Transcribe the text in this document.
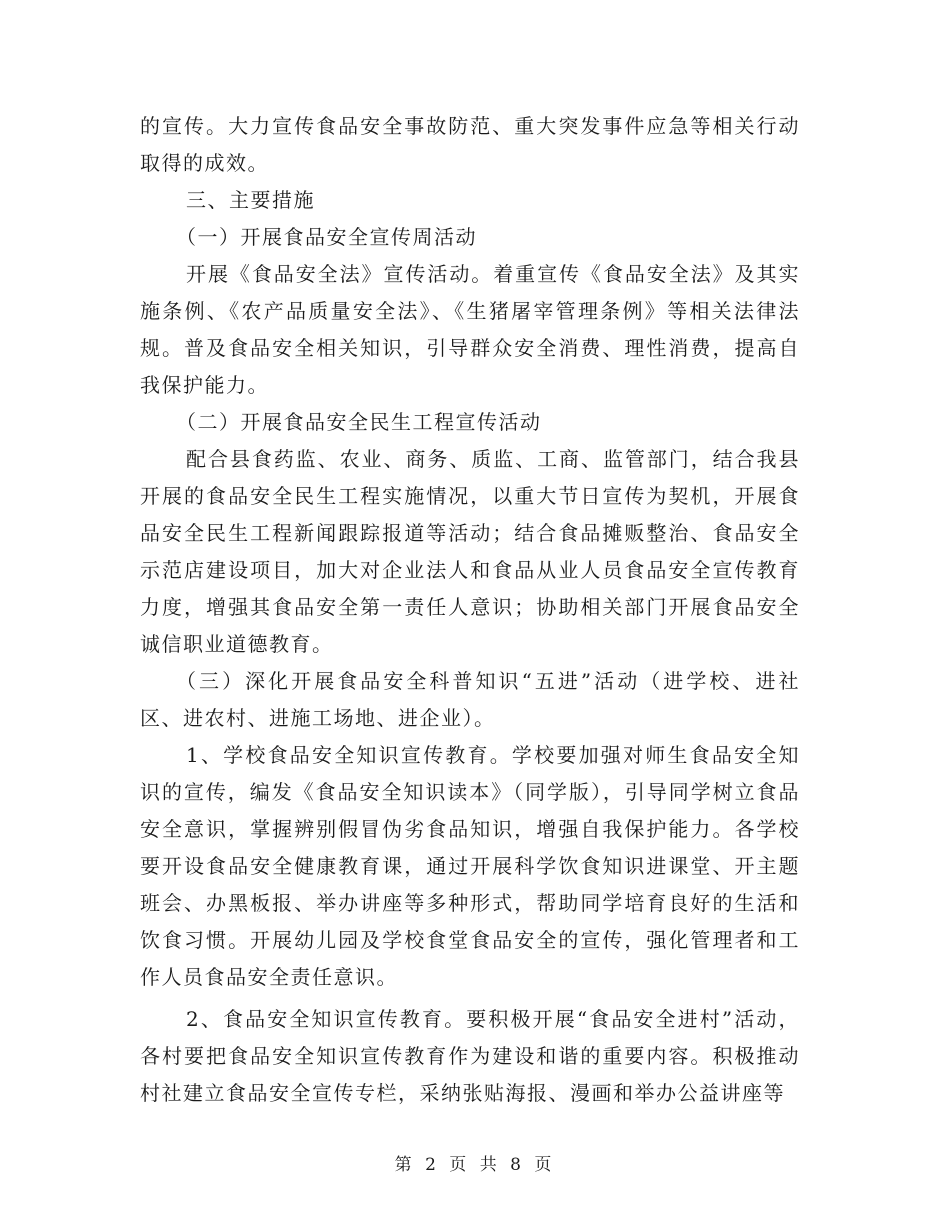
的宣传。大力宣传食品安全事故防范、重大突发事件应急等相关行动取得的成效。

三、主要措施

（一）开展食品安全宣传周活动

开展《食品安全法》宣传活动。着重宣传《食品安全法》及其实施条例、《农产品质量安全法》、《生猪屠宰管理条例》等相关法律法规。普及食品安全相关知识，引导群众安全消费、理性消费，提高自我保护能力。

（二）开展食品安全民生工程宣传活动

配合县食药监、农业、商务、质监、工商、监管部门，结合我县开展的食品安全民生工程实施情况，以重大节日宣传为契机，开展食品安全民生工程新闻跟踪报道等活动；结合食品摊贩整治、食品安全示范店建设项目，加大对企业法人和食品从业人员食品安全宣传教育力度，增强其食品安全第一责任人意识；协助相关部门开展食品安全诚信职业道德教育。

（三）深化开展食品安全科普知识“五进”活动（进学校、进社区、进农村、进施工场地、进企业）。

1、学校食品安全知识宣传教育。学校要加强对师生食品安全知识的宣传，编发《食品安全知识读本》（同学版），引导同学树立食品安全意识，掌握辨别假冒伪劣食品知识，增强自我保护能力。各学校要开设食品安全健康教育课，通过开展科学饮食知识进课堂、开主题班会、办黑板报、举办讲座等多种形式，帮助同学培育良好的生活和饮食习惯。开展幼儿园及学校食堂食品安全的宣传，强化管理者和工作人员食品安全责任意识。

2、食品安全知识宣传教育。要积极开展“食品安全进村”活动，各村要把食品安全知识宣传教育作为建设和谐的重要内容。积极推动村社建立食品安全宣传专栏，采纳张贴海报、漫画和举办公益讲座等

第 2 页 共 8 页
